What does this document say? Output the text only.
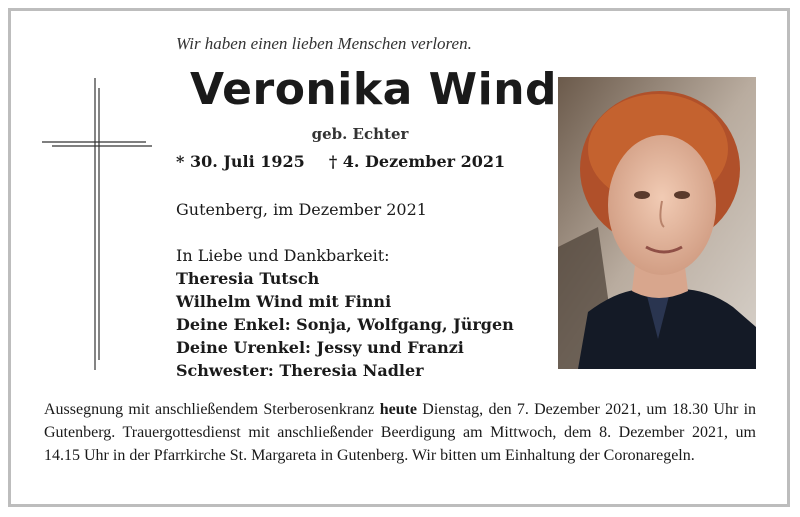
Wir haben einen lieben Menschen verloren.
Veronika Wind
geb. Echter
* 30. Juli 1925 † 4. Dezember 2021
Gutenberg, im Dezember 2021
In Liebe und Dankbarkeit:
Theresia Tutsch
Wilhelm Wind mit Finni
Deine Enkel: Sonja, Wolfgang, Jürgen
Deine Urenkel: Jessy und Franzi
Schwester: Theresia Nadler
Aussegnung mit anschließendem Sterberosenkranz heute Dienstag, den 7. Dezember 2021, um 18.30 Uhr in Gutenberg. Trauergottesdienst mit anschließender Beerdigung am Mittwoch, dem 8. Dezember 2021, um 14.15 Uhr in der Pfarrkirche St. Margareta in Gutenberg. Wir bitten um Einhaltung der Coronaregeln.
